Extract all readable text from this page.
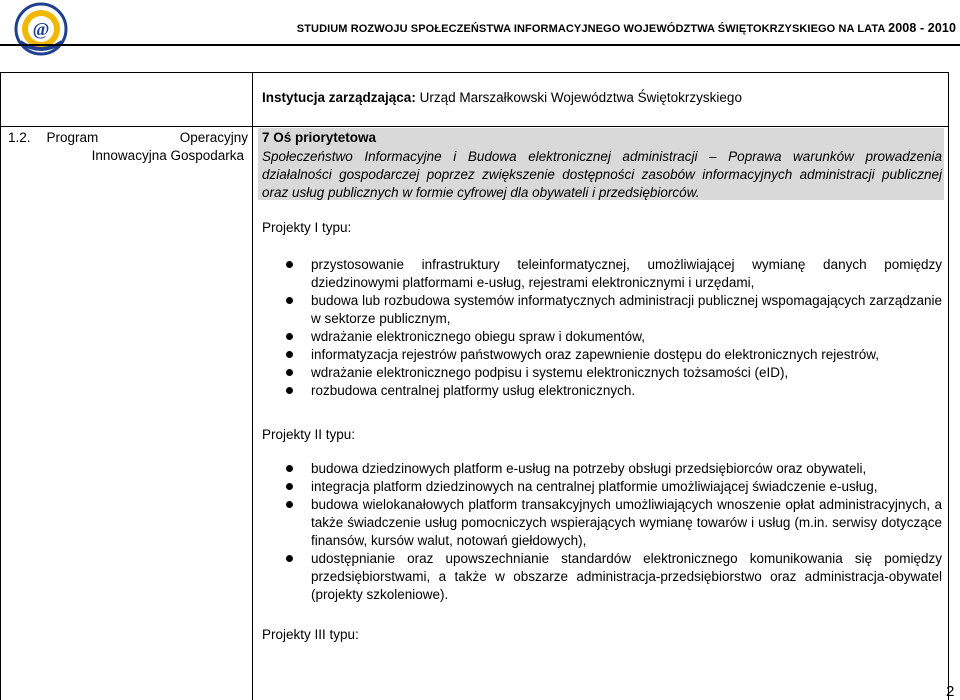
@	STUDIUM ROZWOJU SPOŁECZEŃSTWA INFORMACYJNEGO WOJEWÓDZTWA ŚWIĘTOKRZYSKIEGO NA LATA 2008 - 2010
Instytucja zarządzająca: Urząd Marszałkowski Województwa Świętokrzyskiego
1.2. Program	Operacyjny
Innowacyjna Gospodarka
7 Oś priorytetowa
Społeczeństwo Informacyjne i Budowa elektronicznej administracji – Poprawa warunków prowadzenia działalności gospodarczej poprzez zwiększenie dostępności zasobów informacyjnych administracji publicznej oraz usług publicznych w formie cyfrowej dla obywateli i przedsiębiorców.
Projekty I typu:
przystosowanie infrastruktury teleinformatycznej, umożliwiającej wymianę danych pomiędzy dziedzinowymi platformami e-usług, rejestrami elektronicznymi i urzędami,
budowa lub rozbudowa systemów informatycznych administracji publicznej wspomagających zarządzanie w sektorze publicznym,
wdrażanie elektronicznego obiegu spraw i dokumentów,
informatyzacja rejestrów państwowych oraz zapewnienie dostępu do elektronicznych rejestrów,
wdrażanie elektronicznego podpisu i systemu elektronicznych tożsamości (eID),
rozbudowa centralnej platformy usług elektronicznych.
Projekty II typu:
budowa dziedzinowych platform e-usług na potrzeby obsługi przedsiębiorców oraz obywateli,
integracja platform dziedzinowych na centralnej platformie umożliwiającej świadczenie e-usług,
budowa wielokanałowych platform transakcyjnych umożliwiających wnoszenie opłat administracyjnych, a także świadczenie usług pomocniczych wspierających wymianę towarów i usług (m.in. serwisy dotyczące finansów, kursów walut, notowań giełdowych),
udostępnianie oraz upowszechnianie standardów elektronicznego komunikowania się pomiędzy przedsiębiorstwami, a także w obszarze administracja-przedsiębiorstwo oraz administracja-obywatel (projekty szkoleniowe).
Projekty III typu:
2
